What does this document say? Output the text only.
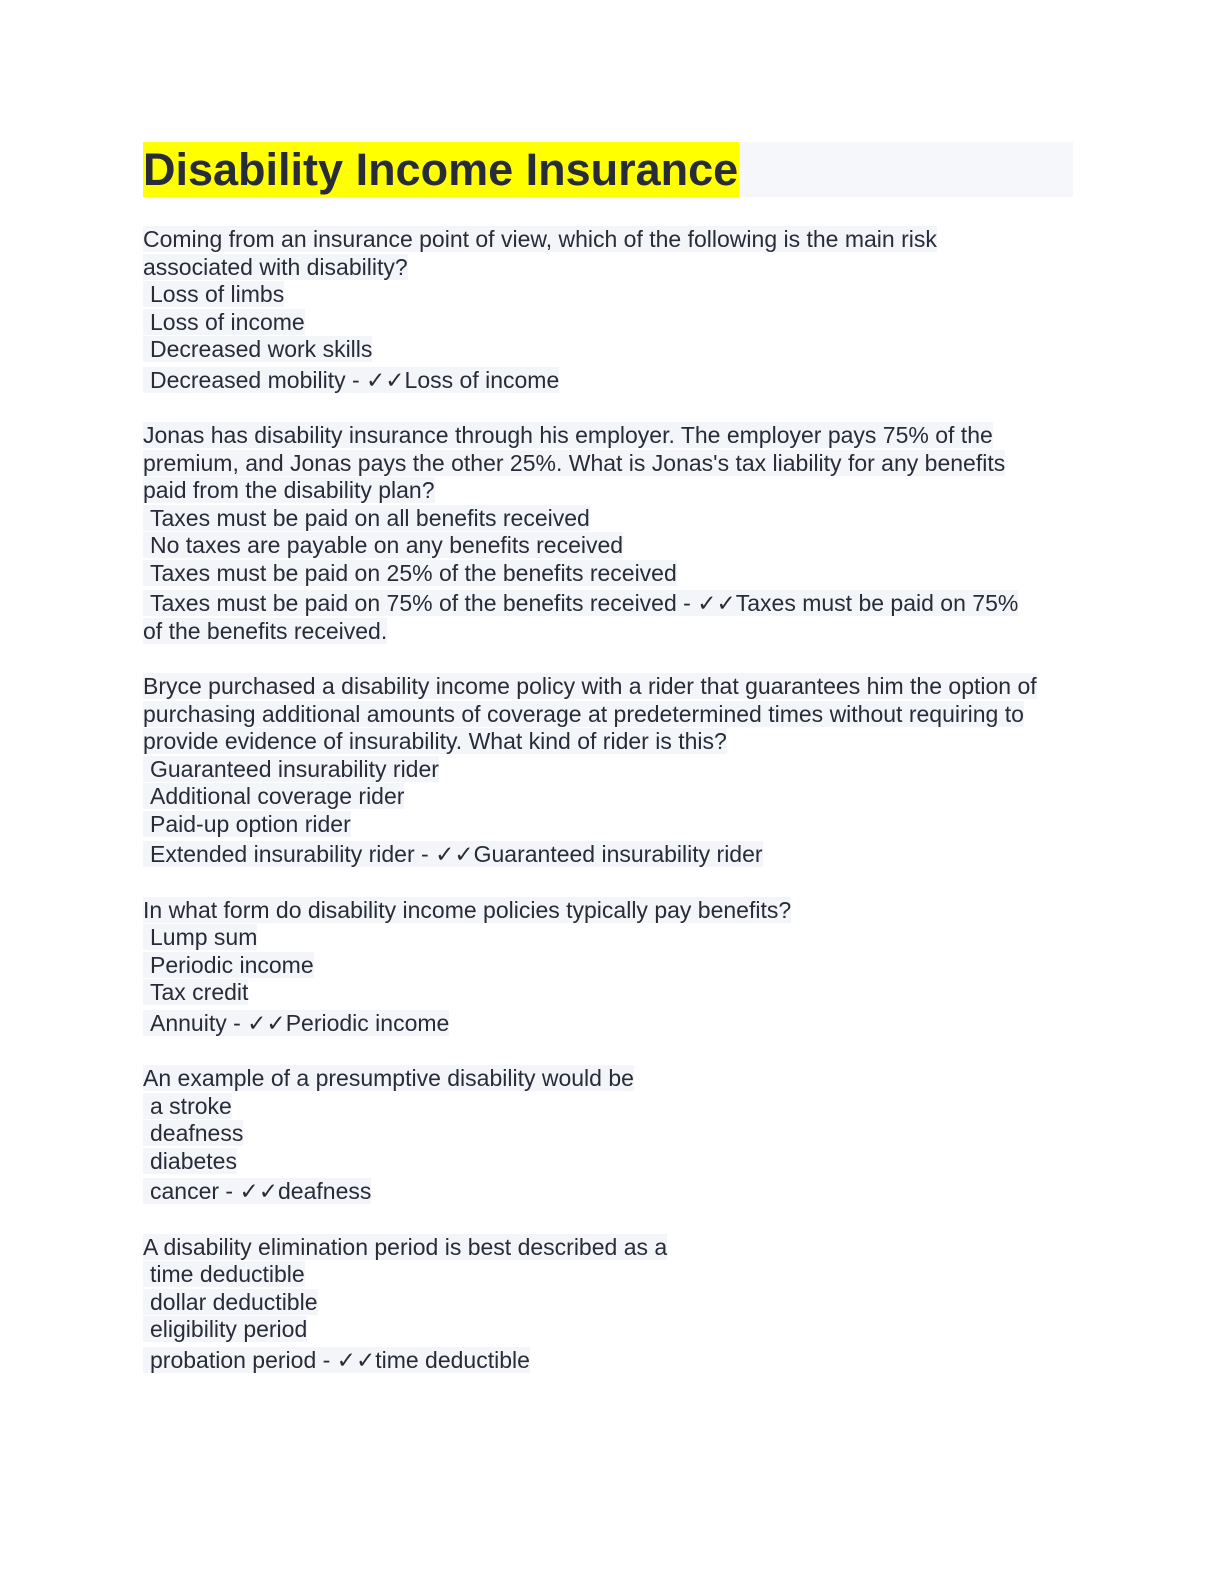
Disability Income Insurance
Coming from an insurance point of view, which of the following is the main risk
associated with disability?
Loss of limbs
Loss of income
Decreased work skills
Decreased mobility - ✓✓Loss of income
Jonas has disability insurance through his employer. The employer pays 75% of the
premium, and Jonas pays the other 25%. What is Jonas's tax liability for any benefits
paid from the disability plan?
Taxes must be paid on all benefits received
No taxes are payable on any benefits received
Taxes must be paid on 25% of the benefits received
Taxes must be paid on 75% of the benefits received - ✓✓Taxes must be paid on 75%
of the benefits received.
Bryce purchased a disability income policy with a rider that guarantees him the option of
purchasing additional amounts of coverage at predetermined times without requiring to
provide evidence of insurability. What kind of rider is this?
Guaranteed insurability rider
Additional coverage rider
Paid-up option rider
Extended insurability rider - ✓✓Guaranteed insurability rider
In what form do disability income policies typically pay benefits?
Lump sum
Periodic income
Tax credit
Annuity - ✓✓Periodic income
An example of a presumptive disability would be
a stroke
deafness
diabetes
cancer - ✓✓deafness
A disability elimination period is best described as a
time deductible
dollar deductible
eligibility period
probation period - ✓✓time deductible
